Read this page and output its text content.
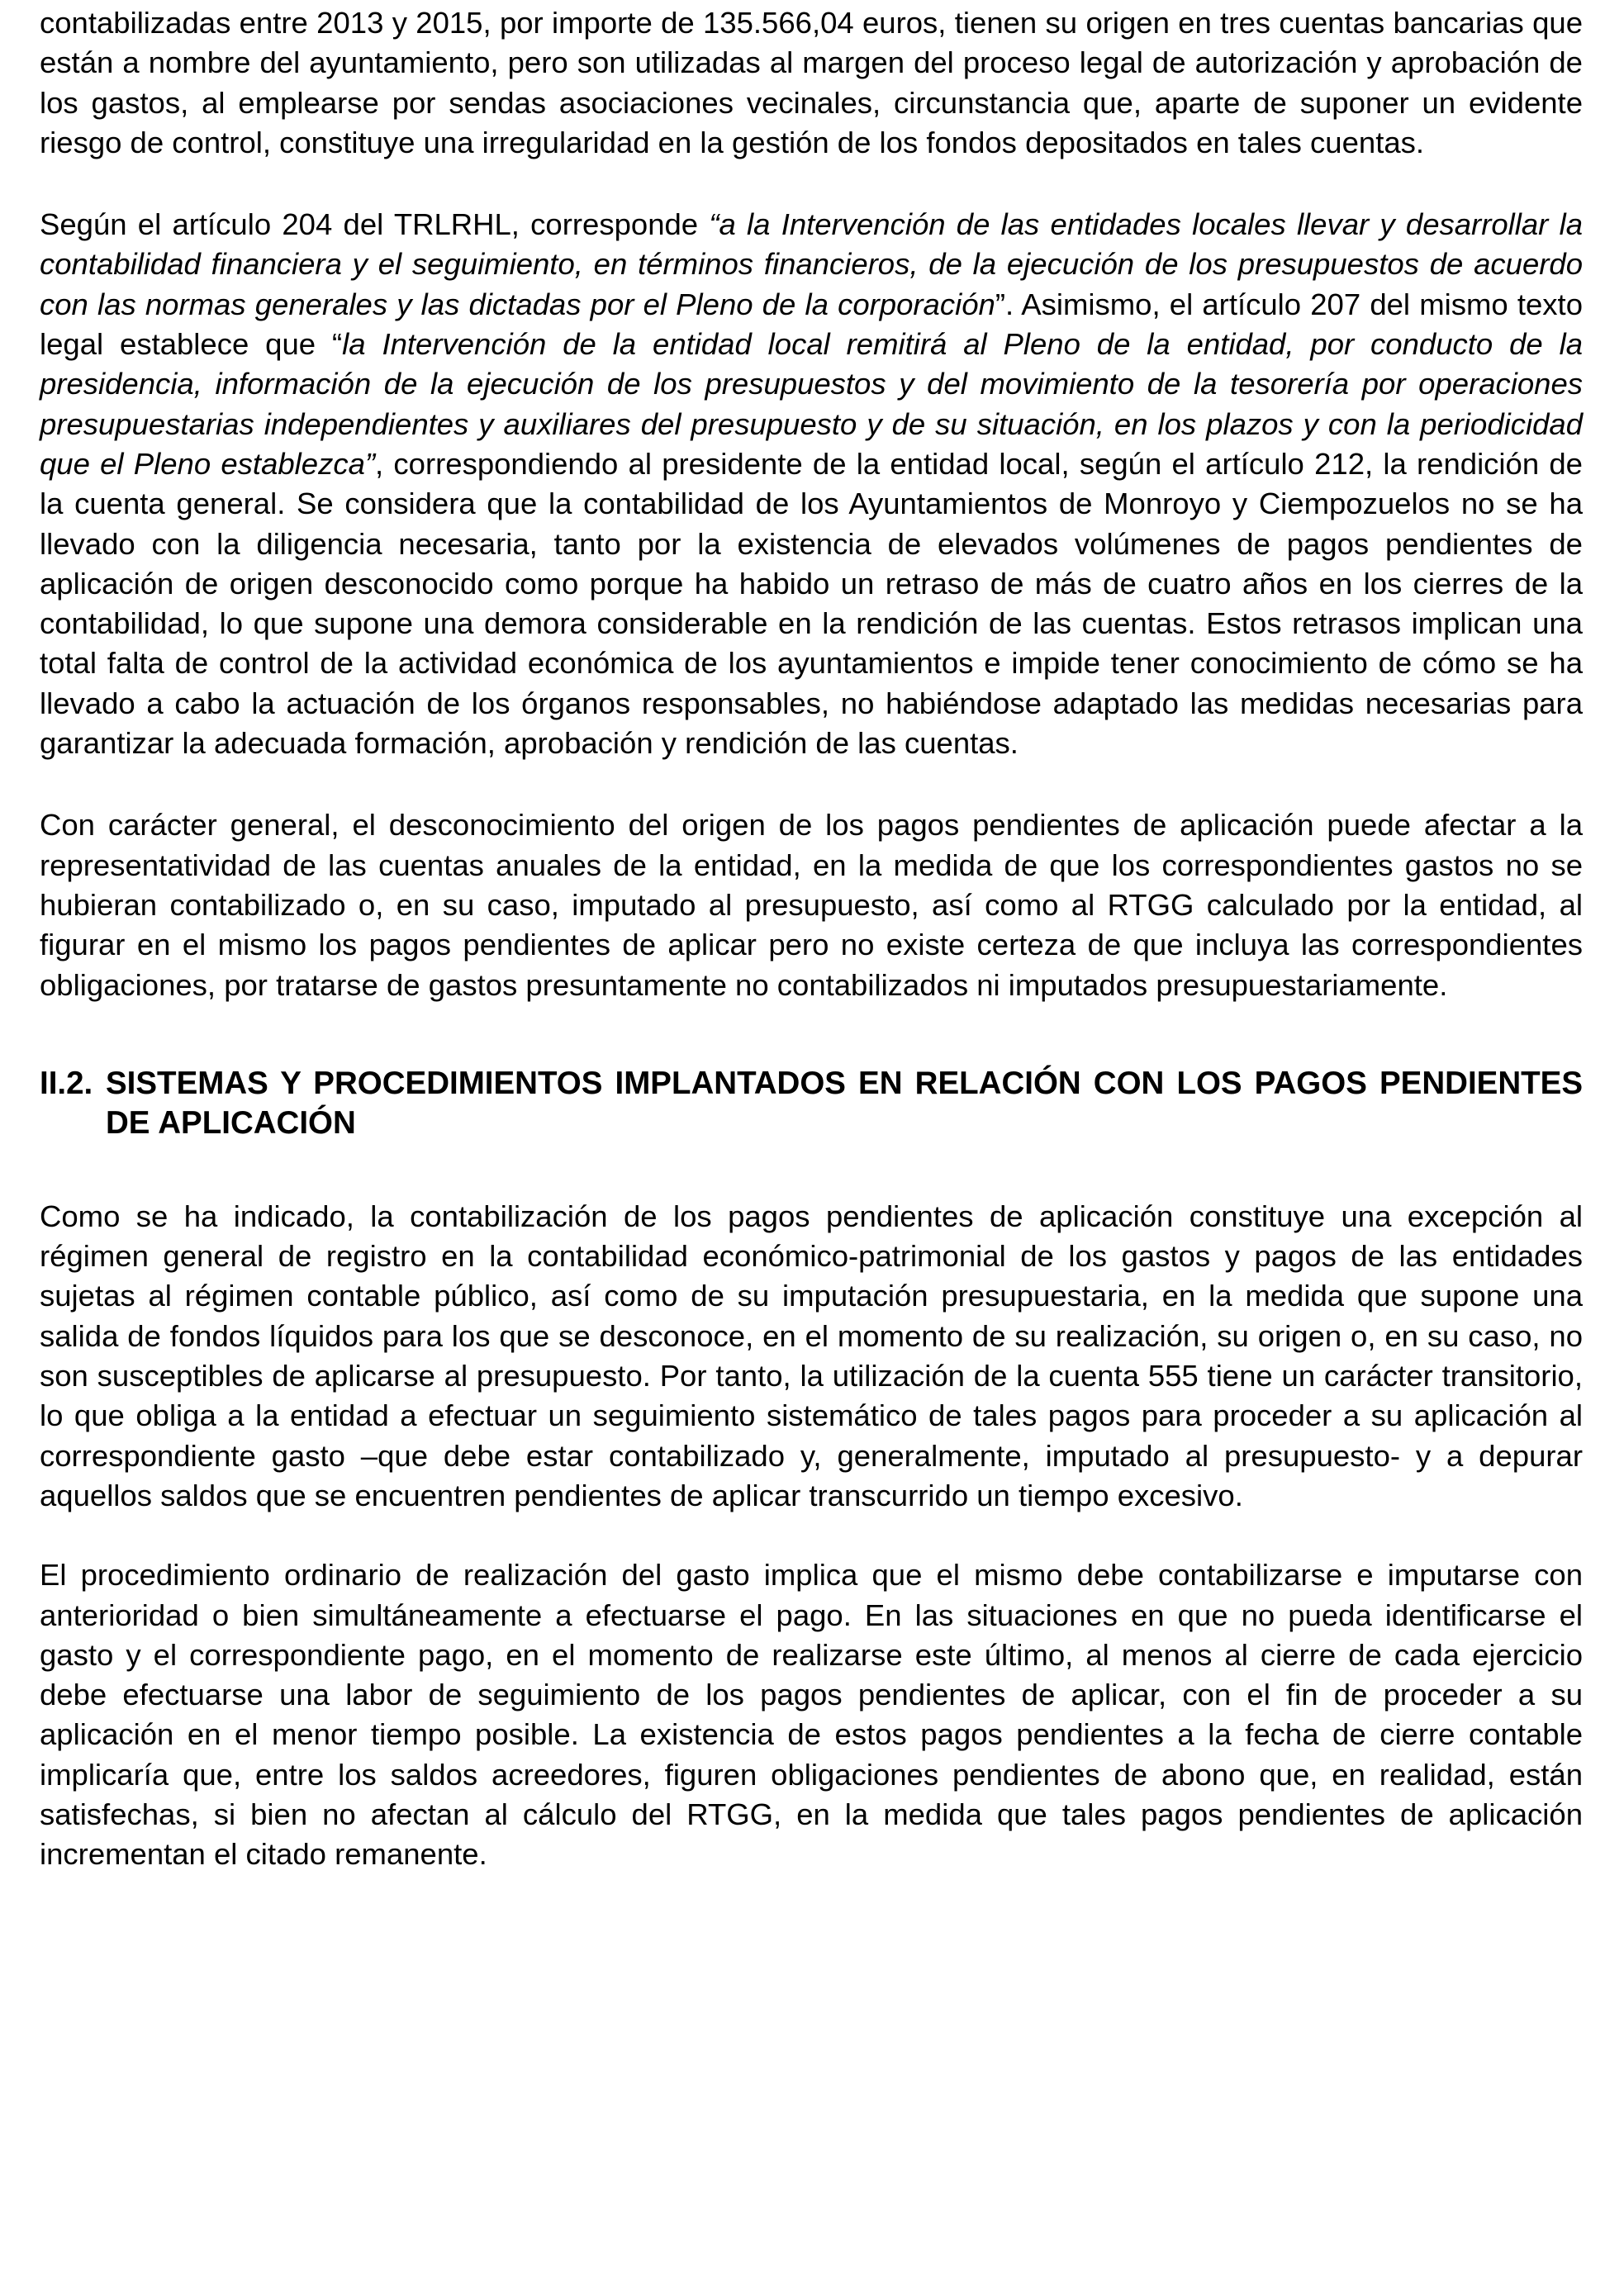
contabilizadas entre 2013 y 2015, por importe de 135.566,04 euros, tienen su origen en tres cuentas bancarias que están a nombre del ayuntamiento, pero son utilizadas al margen del proceso legal de autorización y aprobación de los gastos, al emplearse por sendas asociaciones vecinales, circunstancia que, aparte de suponer un evidente riesgo de control, constituye una irregularidad en la gestión de los fondos depositados en tales cuentas.

Según el artículo 204 del TRLRHL, corresponde “a la Intervención de las entidades locales llevar y desarrollar la contabilidad financiera y el seguimiento, en términos financieros, de la ejecución de los presupuestos de acuerdo con las normas generales y las dictadas por el Pleno de la corporación”. Asimismo, el artículo 207 del mismo texto legal establece que “la Intervención de la entidad local remitirá al Pleno de la entidad, por conducto de la presidencia, información de la ejecución de los presupuestos y del movimiento de la tesorería por operaciones presupuestarias independientes y auxiliares del presupuesto y de su situación, en los plazos y con la periodicidad que el Pleno establezca”, correspondiendo al presidente de la entidad local, según el artículo 212, la rendición de la cuenta general. Se considera que la contabilidad de los Ayuntamientos de Monroyo y Ciempozuelos no se ha llevado con la diligencia necesaria, tanto por la existencia de elevados volúmenes de pagos pendientes de aplicación de origen desconocido como porque ha habido un retraso de más de cuatro años en los cierres de la contabilidad, lo que supone una demora considerable en la rendición de las cuentas. Estos retrasos implican una total falta de control de la actividad económica de los ayuntamientos e impide tener conocimiento de cómo se ha llevado a cabo la actuación de los órganos responsables, no habiéndose adaptado las medidas necesarias para garantizar la adecuada formación, aprobación y rendición de las cuentas.

Con carácter general, el desconocimiento del origen de los pagos pendientes de aplicación puede afectar a la representatividad de las cuentas anuales de la entidad, en la medida de que los correspondientes gastos no se hubieran contabilizado o, en su caso, imputado al presupuesto, así como al RTGG calculado por la entidad, al figurar en el mismo los pagos pendientes de aplicar pero no existe certeza de que incluya las correspondientes obligaciones, por tratarse de gastos presuntamente no contabilizados ni imputados presupuestariamente.

II.2. SISTEMAS Y PROCEDIMIENTOS IMPLANTADOS EN RELACIÓN CON LOS PAGOS PENDIENTES DE APLICACIÓN

Como se ha indicado, la contabilización de los pagos pendientes de aplicación constituye una excepción al régimen general de registro en la contabilidad económico-patrimonial de los gastos y pagos de las entidades sujetas al régimen contable público, así como de su imputación presupuestaria, en la medida que supone una salida de fondos líquidos para los que se desconoce, en el momento de su realización, su origen o, en su caso, no son susceptibles de aplicarse al presupuesto. Por tanto, la utilización de la cuenta 555 tiene un carácter transitorio, lo que obliga a la entidad a efectuar un seguimiento sistemático de tales pagos para proceder a su aplicación al correspondiente gasto –que debe estar contabilizado y, generalmente, imputado al presupuesto- y a depurar aquellos saldos que se encuentren pendientes de aplicar transcurrido un tiempo excesivo.

El procedimiento ordinario de realización del gasto implica que el mismo debe contabilizarse e imputarse con anterioridad o bien simultáneamente a efectuarse el pago. En las situaciones en que no pueda identificarse el gasto y el correspondiente pago, en el momento de realizarse este último, al menos al cierre de cada ejercicio debe efectuarse una labor de seguimiento de los pagos pendientes de aplicar, con el fin de proceder a su aplicación en el menor tiempo posible. La existencia de estos pagos pendientes a la fecha de cierre contable implicaría que, entre los saldos acreedores, figuren obligaciones pendientes de abono que, en realidad, están satisfechas, si bien no afectan al cálculo del RTGG, en la medida que tales pagos pendientes de aplicación incrementan el citado remanente.
